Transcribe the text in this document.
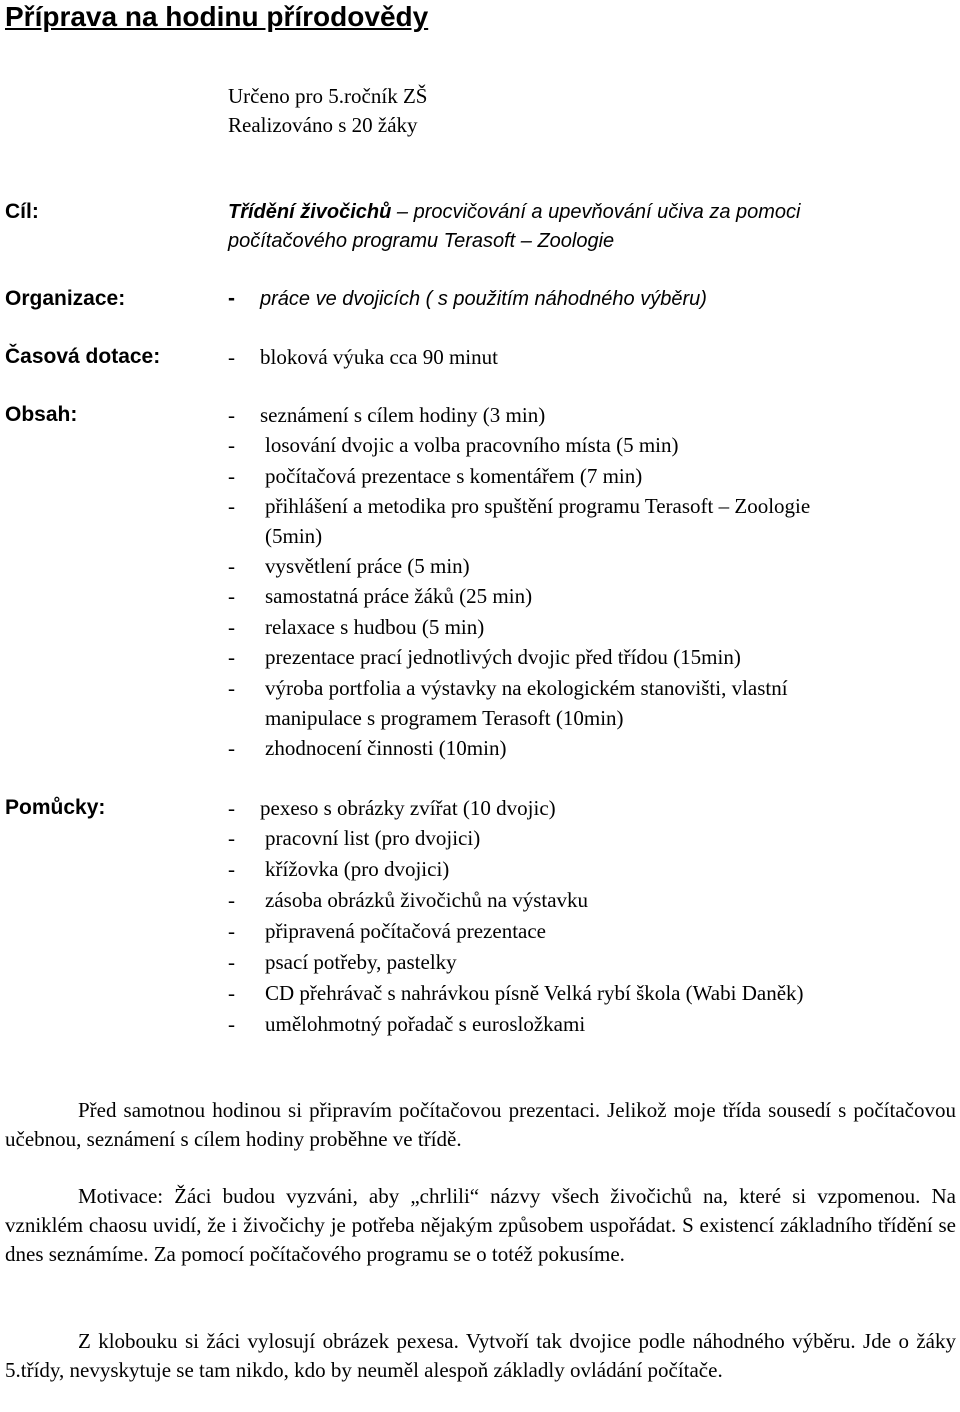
Příprava na hodinu přírodovědy
Určeno pro 5.ročník ZŠ
Realizováno s 20 žáky
Cíl:	Třídění živočichů – procvičování a upevňování učiva za pomoci
počítačového programu Terasoft – Zoologie
Organizace:	- práce ve dvojicích ( s použitím náhodného výběru)
Časová dotace:	- bloková výuka cca 90 minut
Obsah:	- seznámení s cílem hodiny (3 min)
- losování dvojic a volba pracovního místa (5 min)
- počítačová prezentace s komentářem (7 min)
- přihlášení a metodika pro spuštění programu Terasoft – Zoologie
(5min)
- vysvětlení práce (5 min)
- samostatná práce žáků (25 min)
- relaxace s hudbou (5 min)
- prezentace prací jednotlivých dvojic před třídou (15min)
- výroba portfolia a výstavky na ekologickém stanovišti, vlastní
manipulace s programem Terasoft (10min)
- zhodnocení činnosti (10min)
Pomůcky:	- pexeso s obrázky zvířat (10 dvojic)
- pracovní list (pro dvojici)
- křížovka (pro dvojici)
- zásoba obrázků živočichů na výstavku
- připravená počítačová prezentace
- psací potřeby, pastelky
- CD přehrávač s nahrávkou písně Velká rybí škola (Wabi Daněk)
- umělohmotný pořadač s eurosložkami
Před samotnou hodinou si připravím počítačovou prezentaci. Jelikož moje třída sousedí s počítačovou učebnou, seznámení s cílem hodiny proběhne ve třídě.
Motivace: Žáci budou vyzváni, aby „chrlili“ názvy všech živočichů na, které si vzpomenou. Na vzniklém chaosu uvidí, že i živočichy je potřeba nějakým způsobem uspořádat. S existencí základního třídění se dnes seznámíme. Za pomocí počítačového programu se o totéž pokusíme.
Z klobouku si žáci vylosují obrázek pexesa. Vytvoří tak dvojice podle náhodného výběru. Jde o žáky 5.třídy, nevyskytuje se tam nikdo, kdo by neuměl alespoň základly ovládání počítače.
